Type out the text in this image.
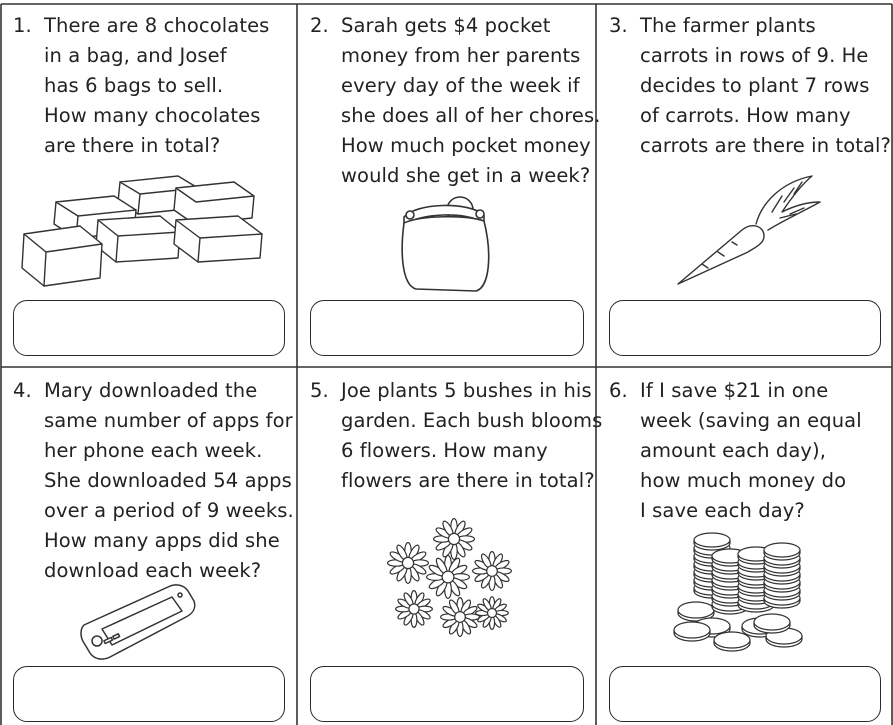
1. There are 8 chocolates
in a bag, and Josef
has 6 bags to sell.
How many chocolates
are there in total?
2. Sarah gets $4 pocket
money from her parents
every day of the week if
she does all of her chores.
How much pocket money
would she get in a week?
3. The farmer plants
carrots in rows of 9. He
decides to plant 7 rows
of carrots. How many
carrots are there in total?
4. Mary downloaded the
same number of apps for
her phone each week.
She downloaded 54 apps
over a period of 9 weeks.
How many apps did she
download each week?
5. Joe plants 5 bushes in his
garden. Each bush blooms
6 flowers. How many
flowers are there in total?
6. If I save $21 in one
week (saving an equal
amount each day),
how much money do
I save each day?
